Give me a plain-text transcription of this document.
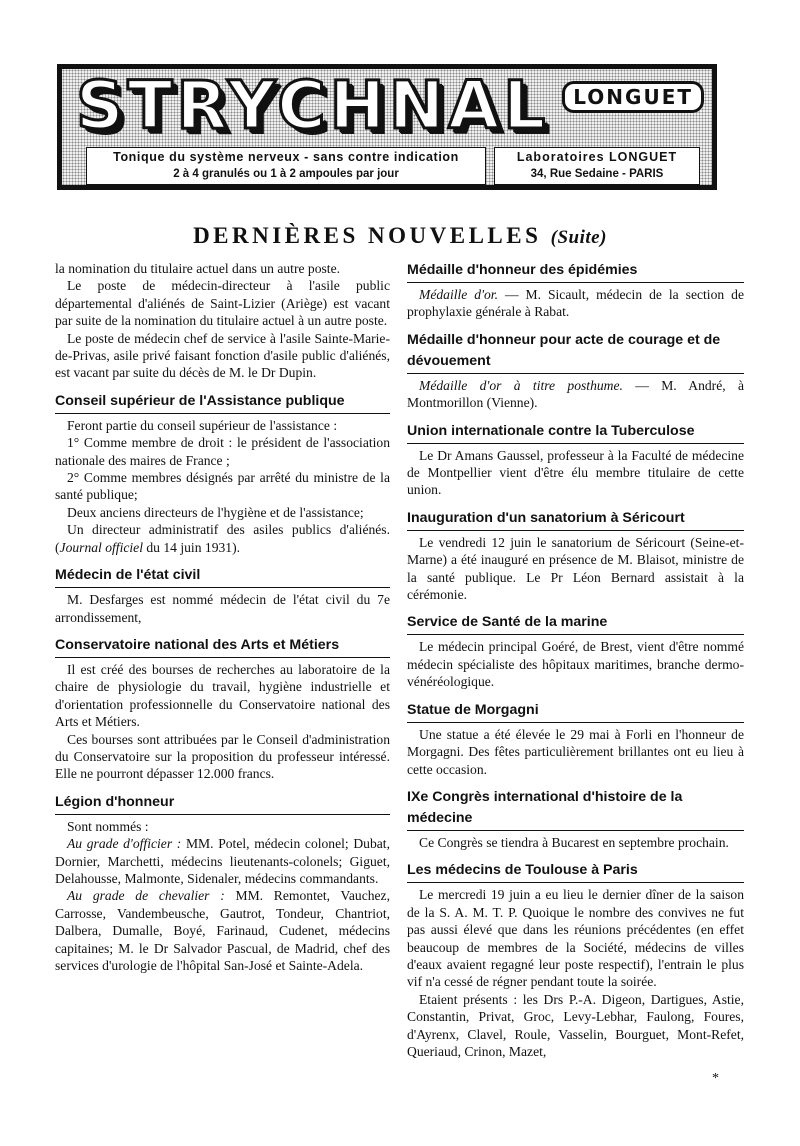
STRYCHNAL	LONGUET
Tonique du système nerveux - sans contre indication
2 à 4 granulés ou 1 à 2 ampoules par jour
Laboratoires LONGUET
34, Rue Sedaine - PARIS
DERNIÈRES NOUVELLES (Suite)

la nomination du titulaire actuel dans un autre poste.

Le poste de médecin-directeur à l'asile public départemental d'aliénés de Saint-Lizier (Ariège) est vacant par suite de la nomination du titulaire actuel à un autre poste.

Le poste de médecin chef de service à l'asile Sainte-Marie-de-Privas, asile privé faisant fonction d'asile public d'aliénés, est vacant par suite du décès de M. le Dr Dupin.

Conseil supérieur de l'Assistance publique

Feront partie du conseil supérieur de l'assistance :

1° Comme membre de droit : le président de l'association nationale des maires de France ;

2° Comme membres désignés par arrêté du ministre de la santé publique;

Deux anciens directeurs de l'hygiène et de l'assistance;

Un directeur administratif des asiles publics d'aliénés. (Journal officiel du 14 juin 1931).

Médecin de l'état civil

M. Desfarges est nommé médecin de l'état civil du 7e arrondissement,

Conservatoire national des Arts et Métiers

Il est créé des bourses de recherches au laboratoire de la chaire de physiologie du travail, hygiène industrielle et d'orientation professionnelle du Conservatoire national des Arts et Métiers.

Ces bourses sont attribuées par le Conseil d'administration du Conservatoire sur la proposition du professeur intéressé. Elle ne pourront dépasser 12.000 francs.

Légion d'honneur

Sont nommés :

Au grade d'officier : MM. Potel, médecin colonel; Dubat, Dornier, Marchetti, médecins lieutenants-colonels; Giguet, Delahousse, Malmonte, Sidenaler, médecins commandants.

Au grade de chevalier : MM. Remontet, Vauchez, Carrosse, Vandembeusche, Gautrot, Tondeur, Chantriot, Dalbera, Dumalle, Boyé, Farinaud, Cudenet, médecins capitaines; M. le Dr Salvador Pascual, de Madrid, chef des services d'urologie de l'hôpital San-José et Sainte-Adela.

Médaille d'honneur des épidémies

Médaille d'or. — M. Sicault, médecin de la section de prophylaxie générale à Rabat.

Médaille d'honneur pour acte de courage et de dévouement

Médaille d'or à titre posthume. — M. André, à Montmorillon (Vienne).

Union internationale contre la Tuberculose

Le Dr Amans Gaussel, professeur à la Faculté de médecine de Montpellier vient d'être élu membre titulaire de cette union.

Inauguration d'un sanatorium à Séricourt

Le vendredi 12 juin le sanatorium de Séricourt (Seine-et-Marne) a été inauguré en présence de M. Blaisot, ministre de la santé publique. Le Pr Léon Bernard assistait à la cérémonie.

Service de Santé de la marine

Le médecin principal Goéré, de Brest, vient d'être nommé médecin spécialiste des hôpitaux maritimes, branche dermo-vénéréologique.

Statue de Morgagni

Une statue a été élevée le 29 mai à Forli en l'honneur de Morgagni. Des fêtes particulièrement brillantes ont eu lieu à cette occasion.

IXe Congrès international d'histoire de la médecine

Ce Congrès se tiendra à Bucarest en septembre prochain.

Les médecins de Toulouse à Paris

Le mercredi 19 juin a eu lieu le dernier dîner de la saison de la S. A. M. T. P. Quoique le nombre des convives ne fut pas aussi élevé que dans les réunions précédentes (en effet beaucoup de membres de la Société, médecins de villes d'eaux avaient regagné leur poste respectif), l'entrain le plus vif n'a cessé de régner pendant toute la soirée.

Etaient présents : les Drs P.-A. Digeon, Dartigues, Astie, Constantin, Privat, Groc, Levy-Lebhar, Faulong, Foures, d'Ayrenx, Clavel, Roule, Vasselin, Bourguet, Mont-Refet, Queriaud, Crinon, Mazet,

*
